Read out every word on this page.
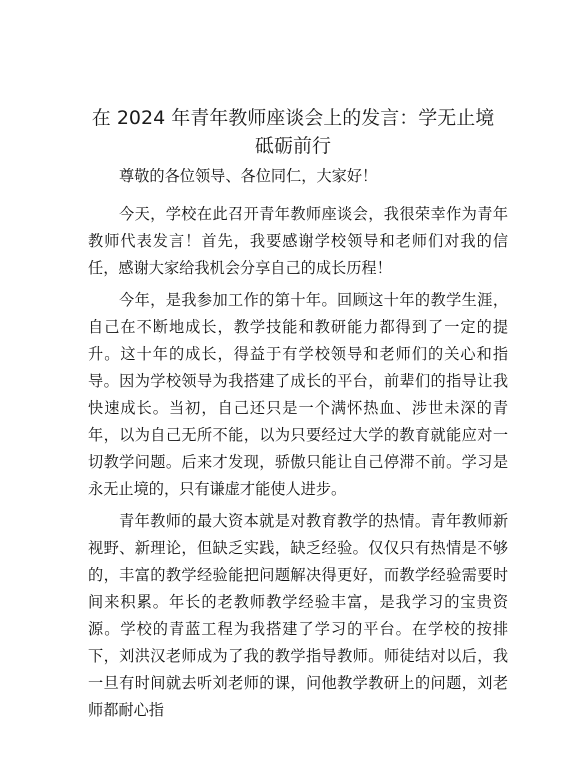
在 2024 年青年教师座谈会上的发言：学无止境
砥砺前行
尊敬的各位领导、各位同仁，大家好！
今天，学校在此召开青年教师座谈会，我很荣幸作为青年教师代表发言！首先，我要感谢学校领导和老师们对我的信任，感谢大家给我机会分享自己的成长历程！
今年，是我参加工作的第十年。回顾这十年的教学生涯，自己在不断地成长，教学技能和教研能力都得到了一定的提升。这十年的成长，得益于有学校领导和老师们的关心和指导。因为学校领导为我搭建了成长的平台，前辈们的指导让我快速成长。当初，自己还只是一个满怀热血、涉世未深的青年，以为自己无所不能，以为只要经过大学的教育就能应对一切教学问题。后来才发现，骄傲只能让自己停滞不前。学习是永无止境的，只有谦虚才能使人进步。
青年教师的最大资本就是对教育教学的热情。青年教师新视野、新理论，但缺乏实践，缺乏经验。仅仅只有热情是不够的，丰富的教学经验能把问题解决得更好，而教学经验需要时间来积累。年长的老教师教学经验丰富，是我学习的宝贵资源。学校的青蓝工程为我搭建了学习的平台。在学校的按排下，刘洪汉老师成为了我的教学指导教师。师徒结对以后，我一旦有时间就去听刘老师的课，问他教学教研上的问题，刘老师都耐心指
